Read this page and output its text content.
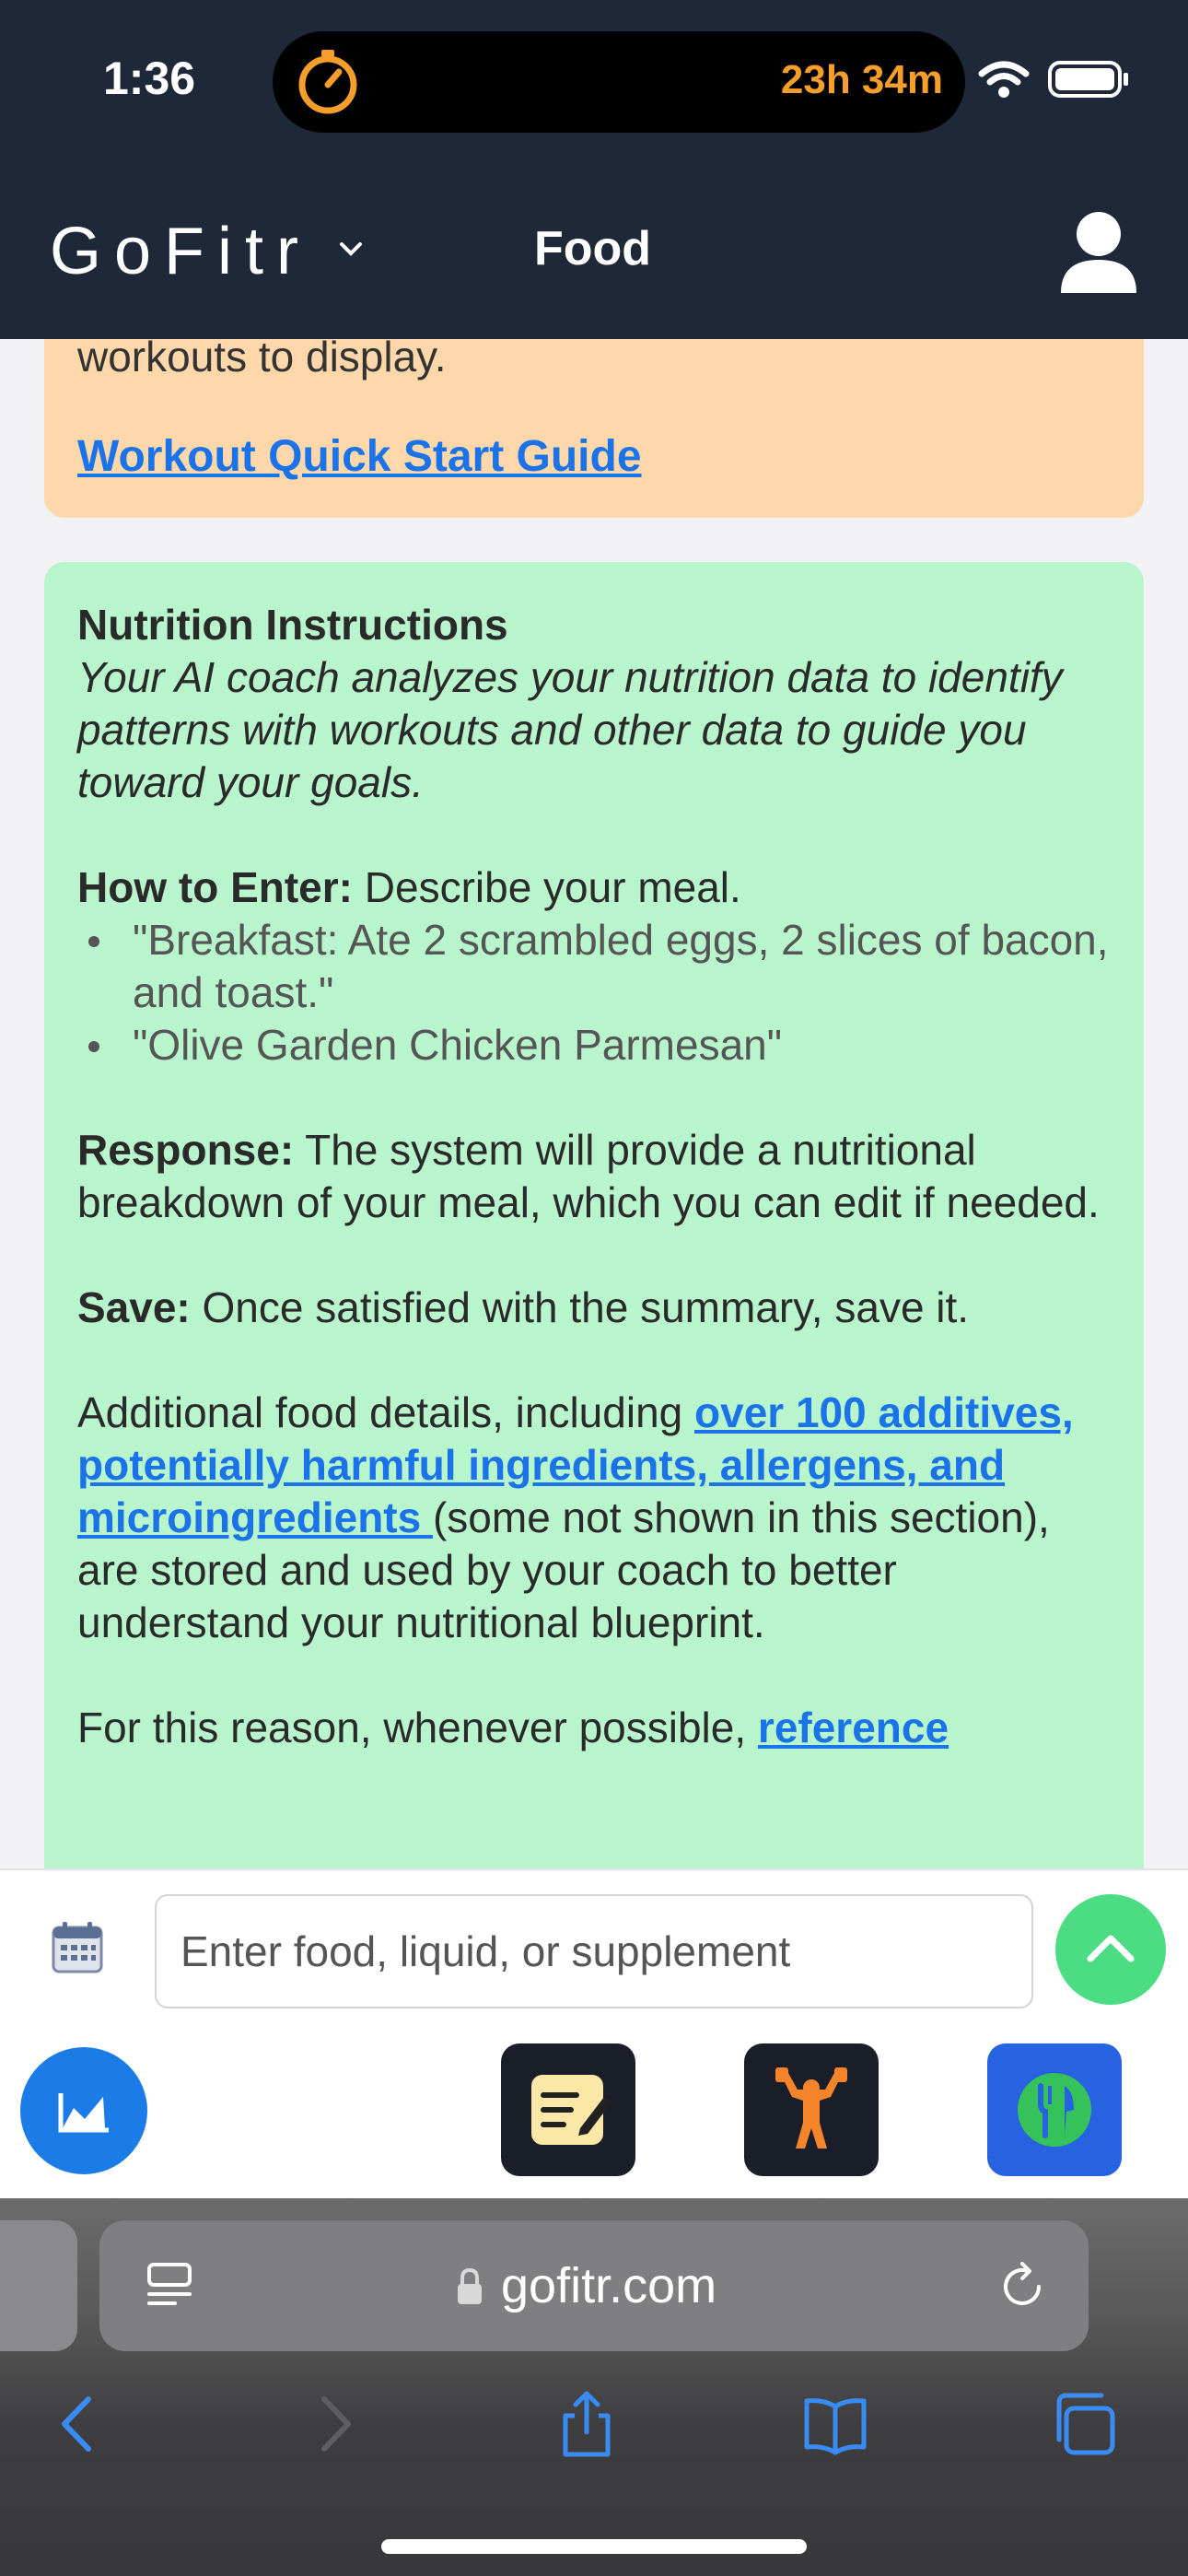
1:36	23h 34m
GoFitr	Food
workouts to display.
Workout Quick Start Guide
Nutrition Instructions
Your AI coach analyzes your nutrition data to identify patterns with workouts and other data to guide you toward your goals.
How to Enter: Describe your meal.
"Breakfast: Ate 2 scrambled eggs, 2 slices of bacon, and toast."
"Olive Garden Chicken Parmesan"
Response: The system will provide a nutritional breakdown of your meal, which you can edit if needed.
Save: Once satisfied with the summary, save it.
Additional food details, including over 100 additives, potentially harmful ingredients, allergens, and microingredients (some not shown in this section), are stored and used by your coach to better understand your nutritional blueprint.
For this reason, whenever possible, reference
Enter food, liquid, or supplement
gofitr.com
